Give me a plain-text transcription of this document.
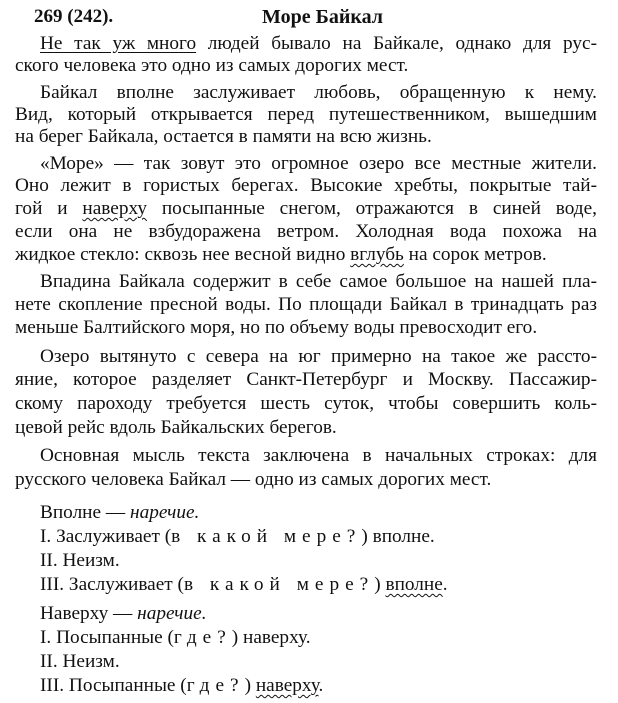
269 (242).	Море Байкал
Не так уж много людей бывало на Байкале, однако для рус-
ского человека это одно из самых дорогих мест.
Байкал вполне заслуживает любовь, обращенную к нему.
Вид, который открывается перед путешественником, вышедшим
на берег Байкала, остается в памяти на всю жизнь.
«Море» — так зовут это огромное озеро все местные жители.
Оно лежит в гористых берегах. Высокие хребты, покрытые тай-
гой и наверху посыпанные снегом, отражаются в синей воде,
если она не взбудоражена ветром. Холодная вода похожа на
жидкое стекло: сквозь нее весной видно вглубь на сорок метров.
Впадина Байкала содержит в себе самое большое на нашей пла-
нете скопление пресной воды. По площади Байкал в тринадцать раз
меньше Балтийского моря, но по объему воды превосходит его.
Озеро вытянуто с севера на юг примерно на такое же рассто-
яние, которое разделяет Санкт-Петербург и Москву. Пассажир-
скому пароходу требуется шесть суток, чтобы совершить коль-
цевой рейс вдоль Байкальских берегов.
Основная мысль текста заключена в начальных строках: для
русского человека Байкал — одно из самых дорогих мест.
Вполне — наречие.
I. Заслуживает (в какой мере?) вполне.
II. Неизм.
III. Заслуживает (в какой мере?) вполне.
Наверху — наречие.
I. Посыпанные (где?) наверху.
II. Неизм.
III. Посыпанные (где?) наверху.
